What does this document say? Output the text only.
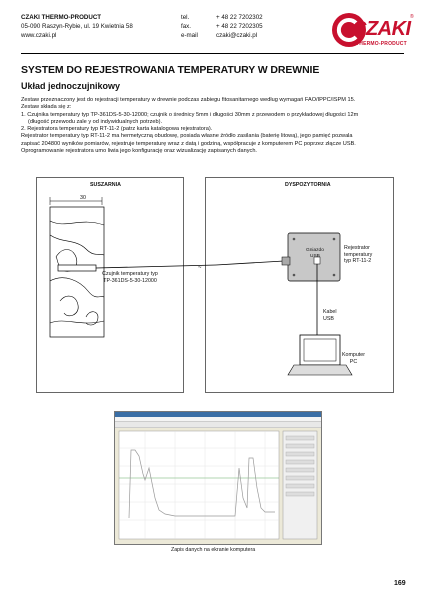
CZAKI THERMO-PRODUCT
05-090 Raszyn-Rybie, ul. 19 Kwietnia 58
www.czaki.pl
tel.	+ 48 22 7202302
fax.	+ 48 22 7202305
e-mail	czaki@czaki.pl	CZAKI
THERMO-PRODUCT
®
SYSTEM DO REJESTROWANIA TEMPERATURY W DREWNIE
Układ jednoczujnikowy
Zestaw przeznaczony jest do rejestracji temperatury w drewnie podczas zabiegu fitosanitarnego według wymagań FAO/IPPC/ISPM 15.
Zestaw składa się z:
1. Czujnika temperatury typ TP-361DS-5-30-12000; czujnik o średnicy 5mm i długości 30mm z przewodem o przykładowej długości 12m
(długość przewodu zale y od indywidualnych potrzeb).
2. Rejestratora temperatury typ RT-11-2 (patrz karta katalogowa rejestratora).
Rejestrator temperatury typ RT-11-2 ma hermetyczną obudowę, posiada własne źródło zasilania (baterię litową), jego pamięć pozwala
zapisać 204800 wyników pomiarów, rejestruje temperaturę wraz z datą i godziną, współpracuje z komputerem PC poprzez złącze USB.
Oprogramowanie rejestratora umo liwia jego konfigurację oraz wizualizację zapisanych danych.
SUSZARNIA	DYSPOZYTORNIA
~
30
Czujnik temperatury typ
TP-361DS-5-30-12000
Gniazdo
USB
Rejestrator
temperatury
typ RT-11-2
Kabel
USB
Komputer
PC
Zapis danych na ekranie komputera
169
